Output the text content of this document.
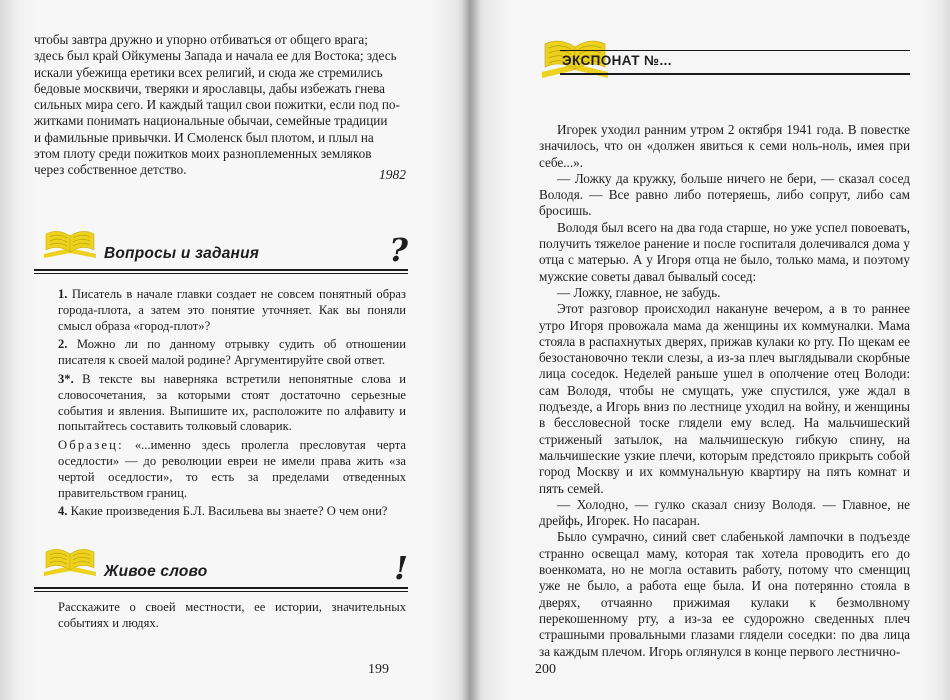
чтобы завтра дружно и упорно отбиваться от общего врага;

здесь был край Ойкумены Запада и начала ее для Востока; здесь

искали убежища еретики всех религий, и сюда же стремились

бедовые москвичи, тверяки и ярославцы, дабы избежать гнева

сильных мира сего. И каждый тащил свои пожитки, если под по-

житками понимать национальные обычаи, семейные традиции

и фамильные привычки. И Смоленск был плотом, и плыл на

этом плоту среди пожитков моих разноплеменных земляков

через собственное детство.	1982
Вопросы и задания	?

1. Писатель в начале главки создает не совсем понятный образ города-плота, а затем это понятие уточняет. Как вы поняли смысл образа «город-плот»?

2. Можно ли по данному отрывку судить об отношении писателя к своей малой родине? Аргументируйте свой ответ.

3*. В тексте вы наверняка встретили непонятные слова и словосочетания, за которыми стоят достаточно серьезные события и явления. Выпишите их, расположите по алфавиту и попытайтесь составить толковый словарик.

Образец: «...именно здесь пролегла пресловутая черта оседлости» — до революции евреи не имели права жить «за чертой оседлости», то есть за пределами отведенных правительством границ.

4. Какие произведения Б.Л. Васильева вы знаете? О чем они?

Живое слово	!

Расскажите о своей местности, ее истории, значительных событиях и людях.

199
ЭКСПОНАТ №...

Игорек уходил ранним утром 2 октября 1941 года. В повестке значилось, что он «должен явиться к семи ноль-ноль, имея при себе...».

— Ложку да кружку, больше ничего не бери, — сказал сосед Володя. — Все равно либо потеряешь, либо сопрут, либо сам бросишь.

Володя был всего на два года старше, но уже успел повоевать, получить тяжелое ранение и после госпиталя долечивался дома у отца с матерью. А у Игоря отца не было, только мама, и поэтому мужские советы давал бывалый сосед:

— Ложку, главное, не забудь.

Этот разговор происходил накануне вечером, а в то раннее утро Игоря провожала мама да женщины их коммуналки. Мама стояла в распахнутых дверях, прижав кулаки ко рту. По щекам ее безостановочно текли слезы, а из-за плеч выглядывали скорбные лица соседок. Неделей раньше ушел в ополчение отец Володи: сам Володя, чтобы не смущать, уже спустился, уже ждал в подъезде, а Игорь вниз по лестнице уходил на войну, и женщины в бессловесной тоске глядели ему вслед. На мальчишеский стриженый затылок, на мальчишескую гибкую спину, на мальчишеские узкие плечи, которым предстояло прикрыть собой город Москву и их коммунальную квартиру на пять комнат и пять семей.

— Холодно, — гулко сказал снизу Володя. — Главное, не дрейфь, Игорек. Но пасаран.

Было сумрачно, синий свет слабенькой лампочки в подъезде странно освещал маму, которая так хотела проводить его до военкомата, но не могла оставить работу, потому что сменщиц уже не было, а работа еще была. И она потерянно стояла в дверях, отчаянно прижимая кулаки к безмолвному перекошенному рту, а из-за ее судорожно сведенных плеч страшными провальными глазами глядели соседки: по два лица за каждым плечом. Игорь оглянулся в конце первого лестнично-

200
